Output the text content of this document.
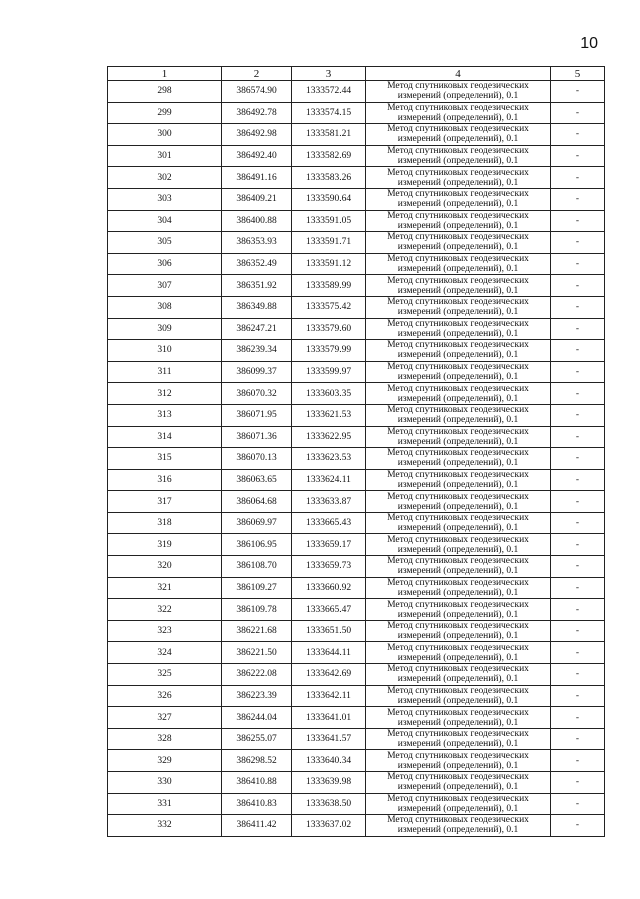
10
1	2	3	4	5
298	386574.90	1333572.44	Метод спутниковых геодезических измерений (определений), 0.1	-
299	386492.78	1333574.15	Метод спутниковых геодезических измерений (определений), 0.1	-
300	386492.98	1333581.21	Метод спутниковых геодезических измерений (определений), 0.1	-
301	386492.40	1333582.69	Метод спутниковых геодезических измерений (определений), 0.1	-
302	386491.16	1333583.26	Метод спутниковых геодезических измерений (определений), 0.1	-
303	386409.21	1333590.64	Метод спутниковых геодезических измерений (определений), 0.1	-
304	386400.88	1333591.05	Метод спутниковых геодезических измерений (определений), 0.1	-
305	386353.93	1333591.71	Метод спутниковых геодезических измерений (определений), 0.1	-
306	386352.49	1333591.12	Метод спутниковых геодезических измерений (определений), 0.1	-
307	386351.92	1333589.99	Метод спутниковых геодезических измерений (определений), 0.1	-
308	386349.88	1333575.42	Метод спутниковых геодезических измерений (определений), 0.1	-
309	386247.21	1333579.60	Метод спутниковых геодезических измерений (определений), 0.1	-
310	386239.34	1333579.99	Метод спутниковых геодезических измерений (определений), 0.1	-
311	386099.37	1333599.97	Метод спутниковых геодезических измерений (определений), 0.1	-
312	386070.32	1333603.35	Метод спутниковых геодезических измерений (определений), 0.1	-
313	386071.95	1333621.53	Метод спутниковых геодезических измерений (определений), 0.1	-
314	386071.36	1333622.95	Метод спутниковых геодезических измерений (определений), 0.1	-
315	386070.13	1333623.53	Метод спутниковых геодезических измерений (определений), 0.1	-
316	386063.65	1333624.11	Метод спутниковых геодезических измерений (определений), 0.1	-
317	386064.68	1333633.87	Метод спутниковых геодезических измерений (определений), 0.1	-
318	386069.97	1333665.43	Метод спутниковых геодезических измерений (определений), 0.1	-
319	386106.95	1333659.17	Метод спутниковых геодезических измерений (определений), 0.1	-
320	386108.70	1333659.73	Метод спутниковых геодезических измерений (определений), 0.1	-
321	386109.27	1333660.92	Метод спутниковых геодезических измерений (определений), 0.1	-
322	386109.78	1333665.47	Метод спутниковых геодезических измерений (определений), 0.1	-
323	386221.68	1333651.50	Метод спутниковых геодезических измерений (определений), 0.1	-
324	386221.50	1333644.11	Метод спутниковых геодезических измерений (определений), 0.1	-
325	386222.08	1333642.69	Метод спутниковых геодезических измерений (определений), 0.1	-
326	386223.39	1333642.11	Метод спутниковых геодезических измерений (определений), 0.1	-
327	386244.04	1333641.01	Метод спутниковых геодезических измерений (определений), 0.1	-
328	386255.07	1333641.57	Метод спутниковых геодезических измерений (определений), 0.1	-
329	386298.52	1333640.34	Метод спутниковых геодезических измерений (определений), 0.1	-
330	386410.88	1333639.98	Метод спутниковых геодезических измерений (определений), 0.1	-
331	386410.83	1333638.50	Метод спутниковых геодезических измерений (определений), 0.1	-
332	386411.42	1333637.02	Метод спутниковых геодезических измерений (определений), 0.1	-
